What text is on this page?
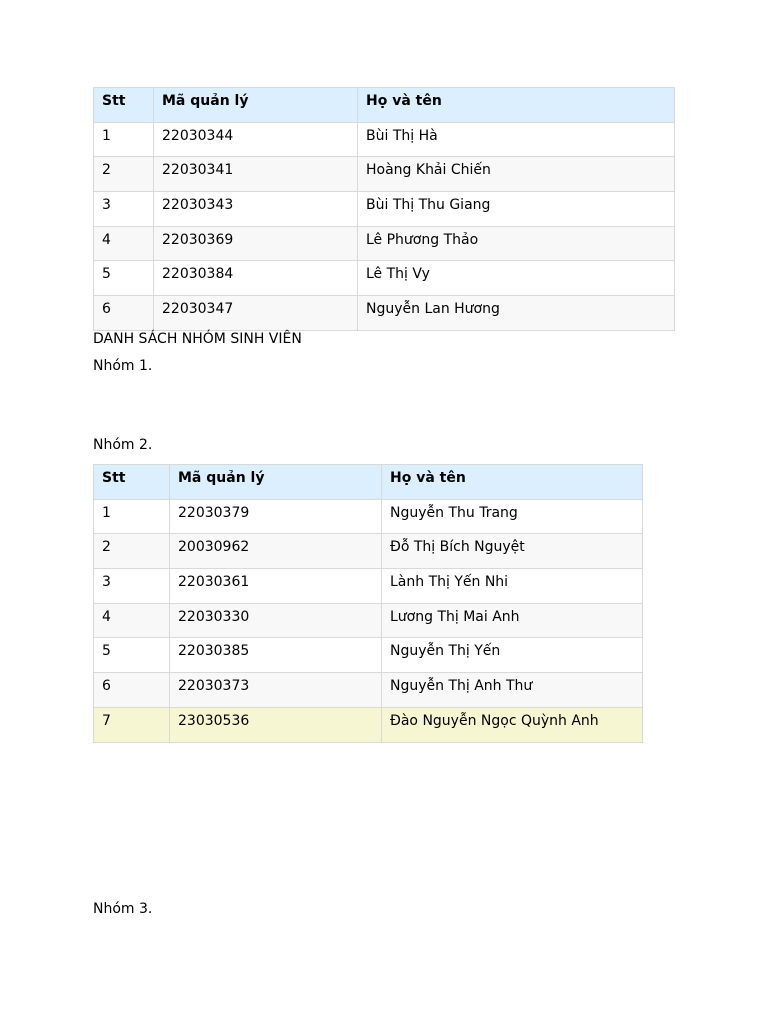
Stt	Mã quản lý	Họ và tên
1	22030344	Bùi Thị Hà
2	22030341	Hoàng Khải Chiến
3	22030343	Bùi Thị Thu Giang
4	22030369	Lê Phương Thảo
5	22030384	Lê Thị Vy
6	22030347	Nguyễn Lan Hương
DANH SÁCH NHÓM SINH VIÊN
Nhóm 1.
Nhóm 2.
Stt	Mã quản lý	Họ và tên
1	22030379	Nguyễn Thu Trang
2	20030962	Đỗ Thị Bích Nguyệt
3	22030361	Lành Thị Yến Nhi
4	22030330	Lương Thị Mai Anh
5	22030385	Nguyễn Thị Yến
6	22030373	Nguyễn Thị Anh Thư
7	23030536	Đào Nguyễn Ngọc Quỳnh Anh
Nhóm 3.
